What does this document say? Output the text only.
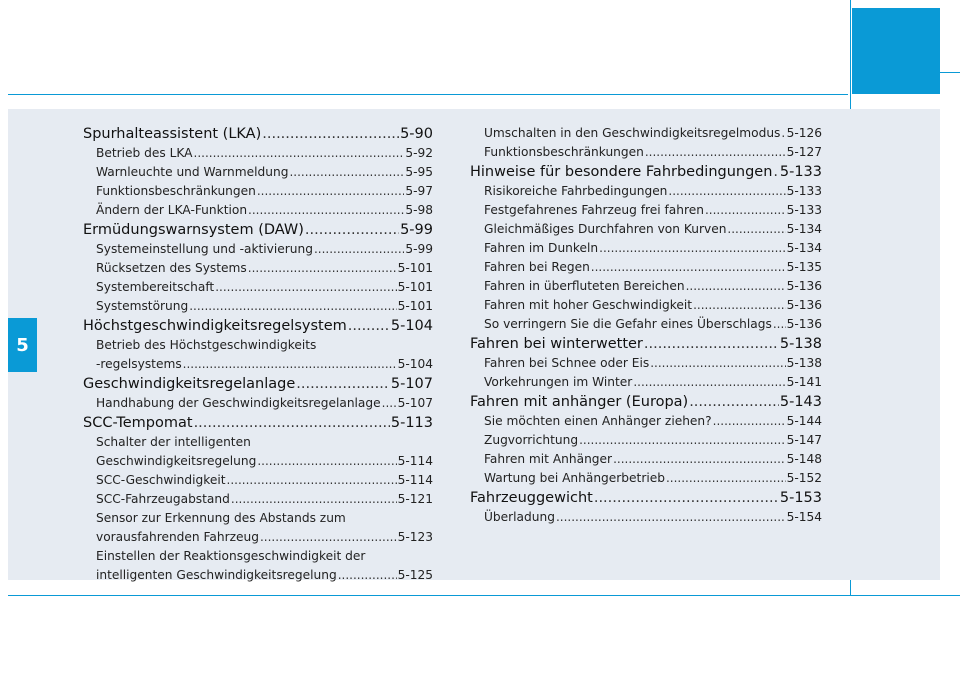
5
Spurhalteassistent (LKA) .....	5-90
Betrieb des LKA .....	5-92
Warnleuchte und Warnmeldung .....	5-95
Funktionsbeschränkungen .....	5-97
Ändern der LKA-Funktion .....	5-98
Ermüdungswarnsystem (DAW) .....	5-99
Systemeinstellung und -aktivierung .....	5-99
Rücksetzen des Systems .....	5-101
Systembereitschaft .....	5-101
Systemstörung .....	5-101
Höchstgeschwindigkeitsregelsystem .....	5-104
Betrieb des Höchstgeschwindigkeits
-regelsystems .....	5-104
Geschwindigkeitsregelanlage .....	5-107
Handhabung der Geschwindigkeitsregelanlage ..... 5-107
SCC-Tempomat .....	5-113
Schalter der intelligenten
Geschwindigkeitsregelung .....	5-114
SCC-Geschwindigkeit .....	5-114
SCC-Fahrzeugabstand .....	5-121
Sensor zur Erkennung des Abstands zum
vorausfahrenden Fahrzeug .....	5-123
Einstellen der Reaktionsgeschwindigkeit der
intelligenten Geschwindigkeitsregelung .....	5-125
Umschalten in den Geschwindigkeitsregelmodus ..... 5-126
Funktionsbeschränkungen .....	5-127
Hinweise für besondere Fahrbedingungen ..... 5-133
Risikoreiche Fahrbedingungen .....	5-133
Festgefahrenes Fahrzeug frei fahren .....	5-133
Gleichmäßiges Durchfahren von Kurven .....	5-134
Fahren im Dunkeln .....	5-134
Fahren bei Regen .....	5-135
Fahren in überfluteten Bereichen .....	5-136
Fahren mit hoher Geschwindigkeit .....	5-136
So verringern Sie die Gefahr eines Überschlags ..... 5-136
Fahren bei winterwetter .....	5-138
Fahren bei Schnee oder Eis .....	5-138
Vorkehrungen im Winter .....	5-141
Fahren mit anhänger (Europa) .....	5-143
Sie möchten einen Anhänger ziehen? .....	5-144
Zugvorrichtung .....	5-147
Fahren mit Anhänger .....	5-148
Wartung bei Anhängerbetrieb .....	5-152
Fahrzeuggewicht .....	5-153
Überladung .....	5-154
